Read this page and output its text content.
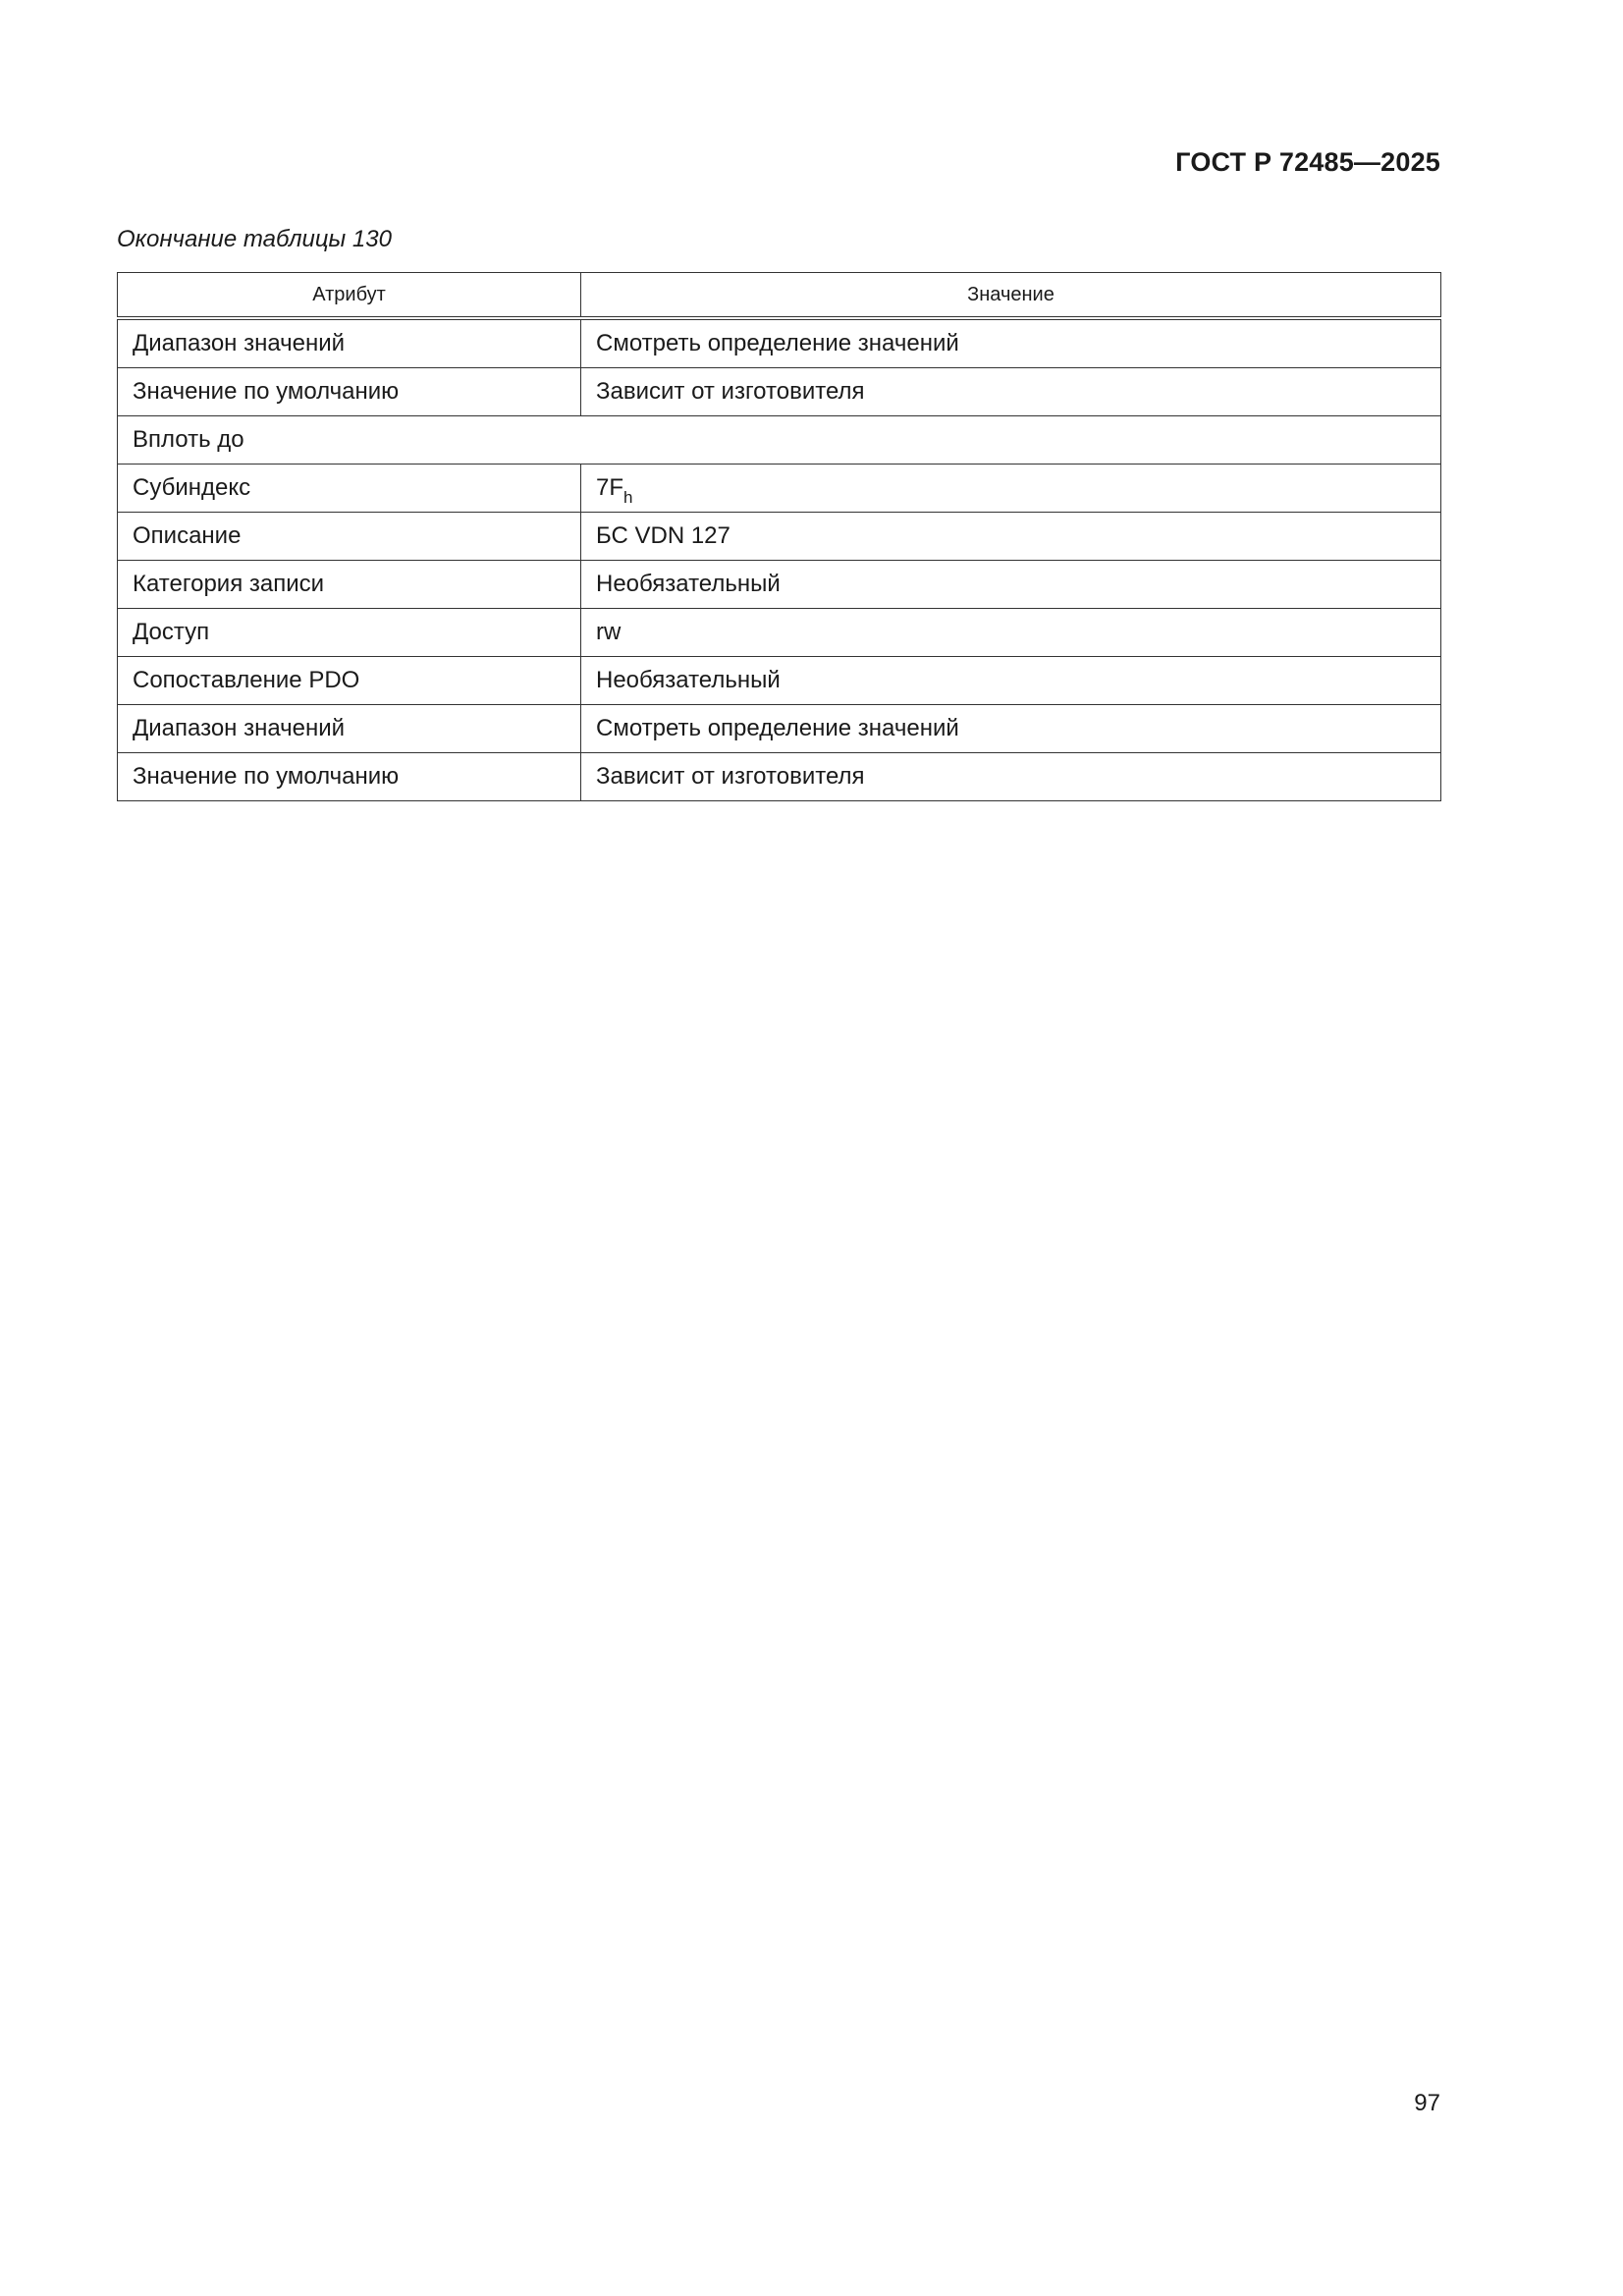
ГОСТ Р 72485—2025
Окончание таблицы 130
Атрибут	Значение
Диапазон значений	Смотреть определение значений
Значение по умолчанию	Зависит от изготовителя
Вплоть до	
Субиндекс	$7F_h$
Описание	БС VDN 127
Категория записи	Необязательный
Доступ	rw
Сопоставление PDO	Необязательный
Диапазон значений	Смотреть определение значений
Значение по умолчанию	Зависит от изготовителя
97
